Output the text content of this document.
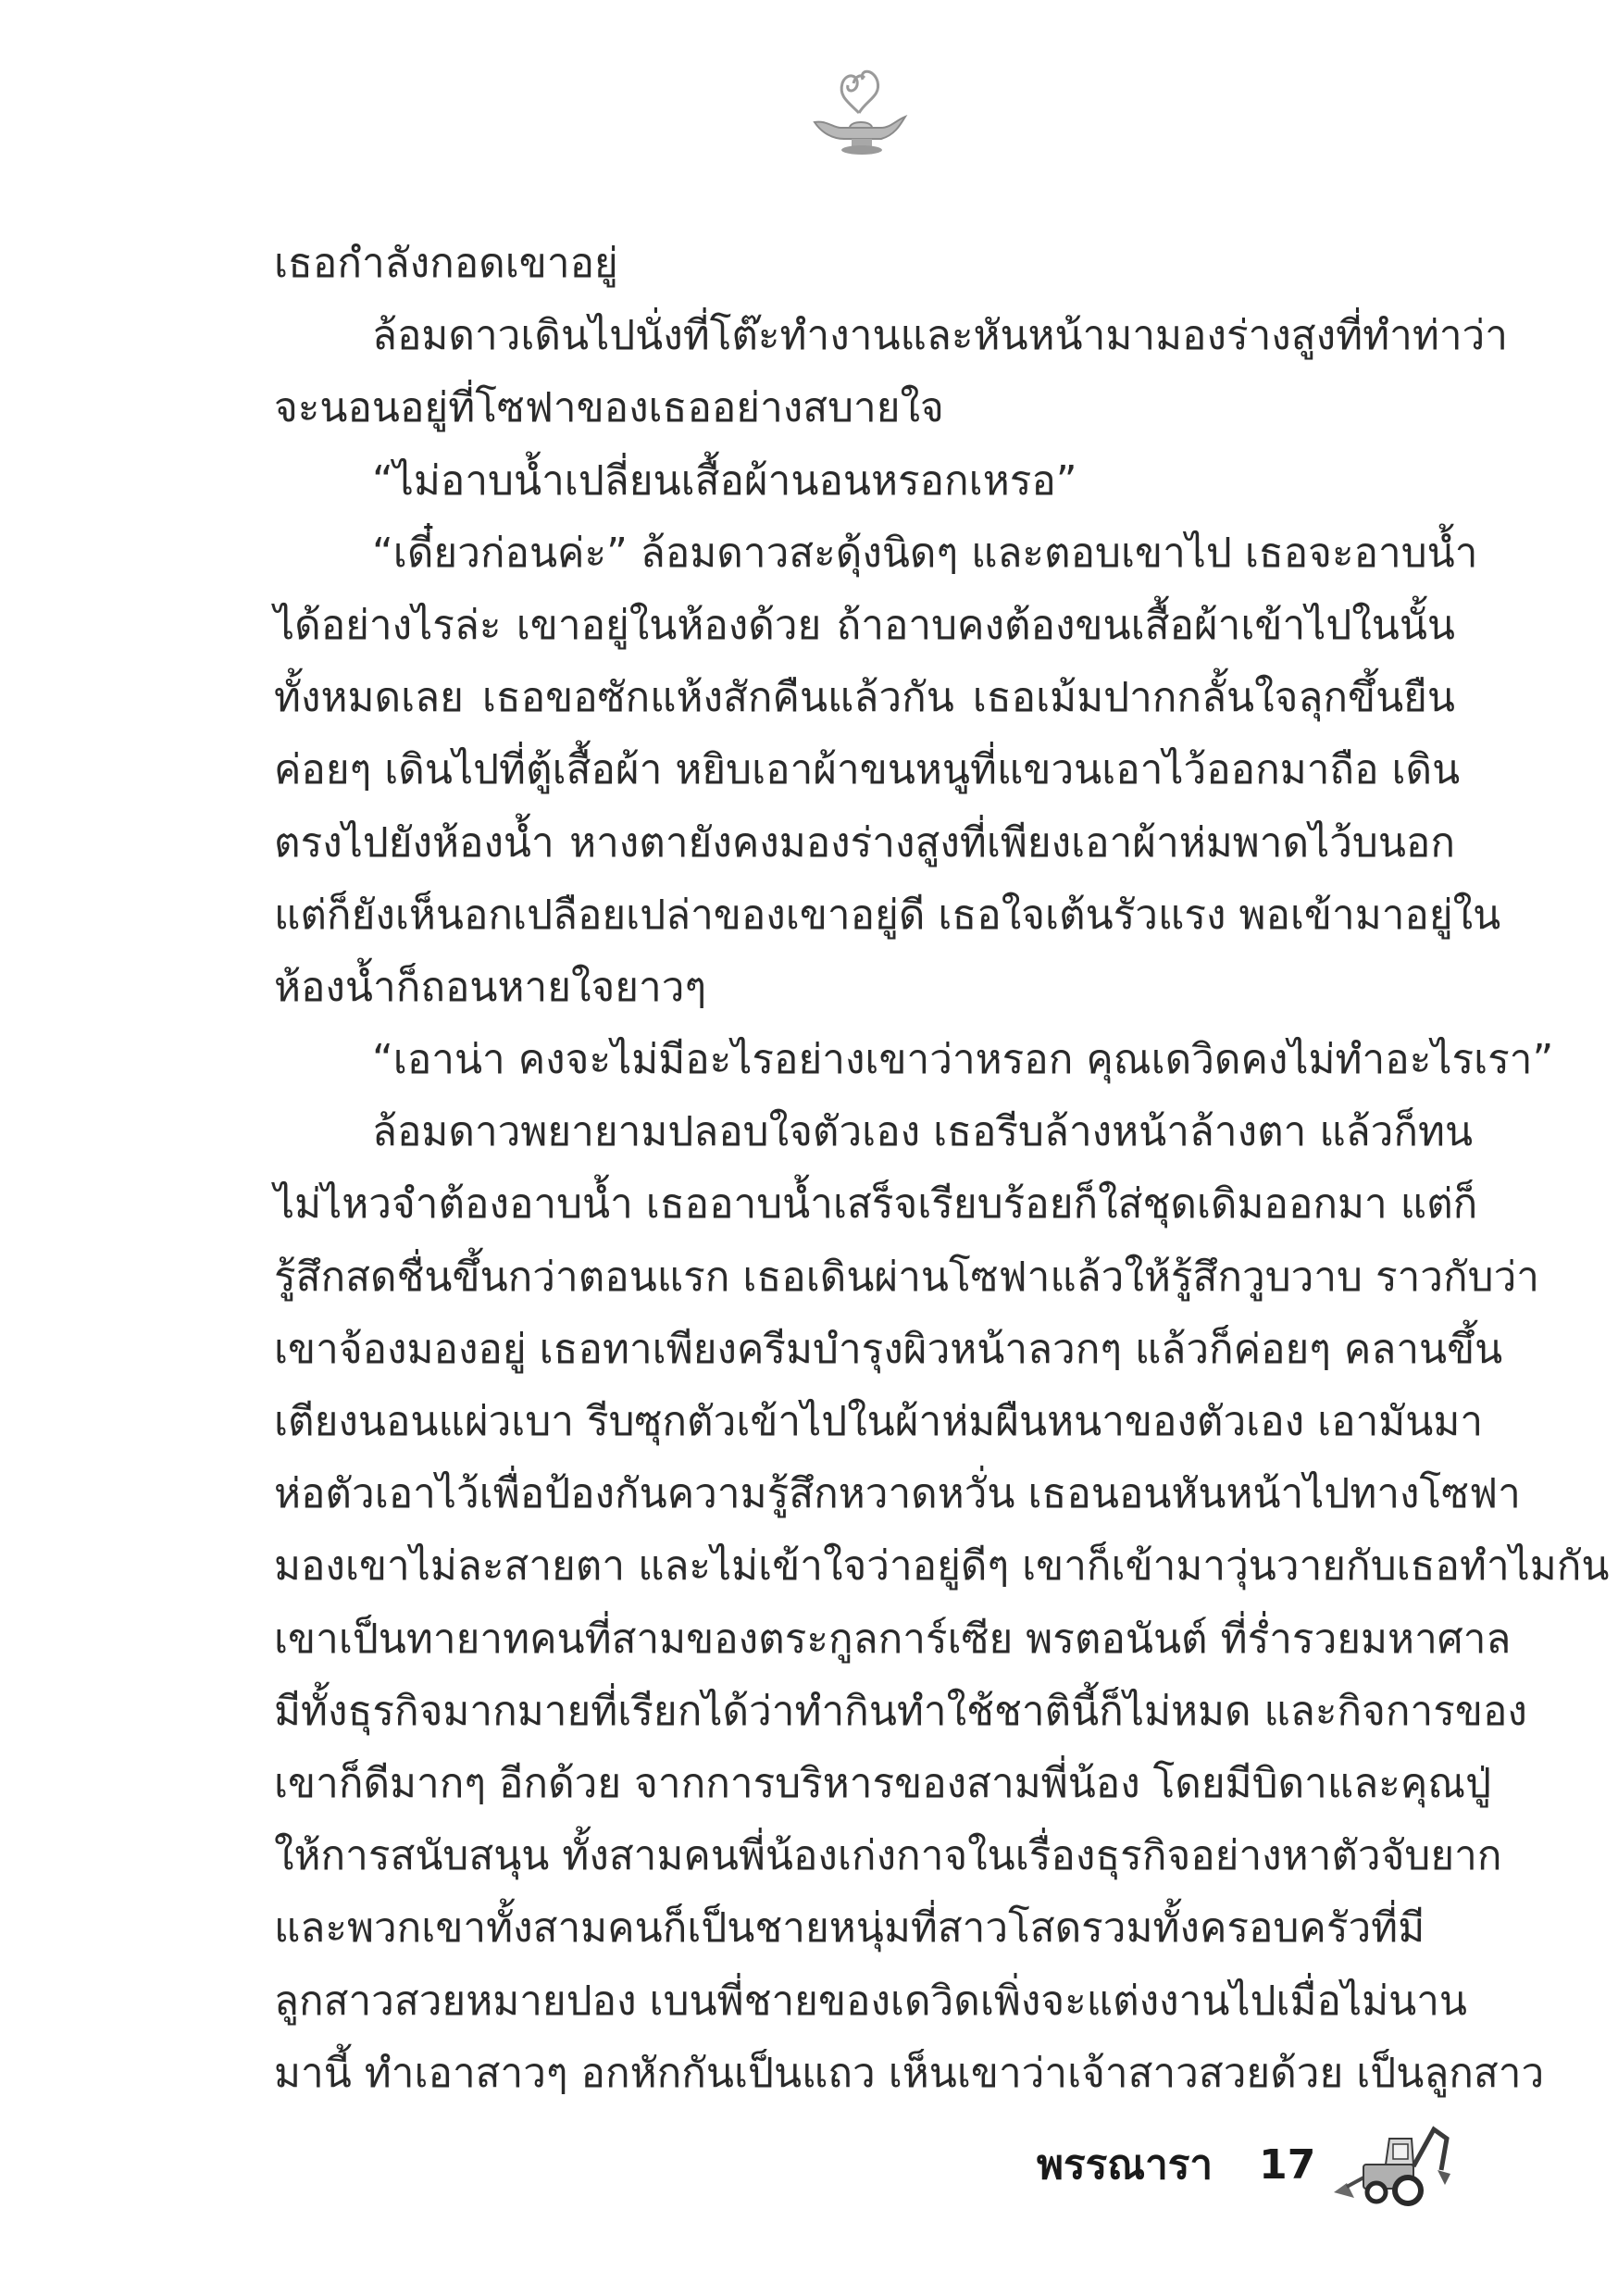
เธอกำลังกอดเขาอยู่
ล้อมดาวเดินไปนั่งที่โต๊ะทำงานและหันหน้ามามองร่างสูงที่ทำท่าว่า
จะนอนอยู่ที่โซฟาของเธออย่างสบายใจ
“ไม่อาบน้ำเปลี่ยนเสื้อผ้านอนหรอกเหรอ”
“เดี๋ยวก่อนค่ะ” ล้อมดาวสะดุ้งนิดๆ และตอบเขาไป เธอจะอาบน้ำ
ได้อย่างไรล่ะ เขาอยู่ในห้องด้วย ถ้าอาบคงต้องขนเสื้อผ้าเข้าไปในนั้น
ทั้งหมดเลย เธอขอซักแห้งสักคืนแล้วกัน เธอเม้มปากกลั้นใจลุกขึ้นยืน
ค่อยๆ เดินไปที่ตู้เสื้อผ้า หยิบเอาผ้าขนหนูที่แขวนเอาไว้ออกมาถือ เดิน
ตรงไปยังห้องน้ำ หางตายังคงมองร่างสูงที่เพียงเอาผ้าห่มพาดไว้บนอก
แต่ก็ยังเห็นอกเปลือยเปล่าของเขาอยู่ดี เธอใจเต้นรัวแรง พอเข้ามาอยู่ใน
ห้องน้ำก็ถอนหายใจยาวๆ
“เอาน่า คงจะไม่มีอะไรอย่างเขาว่าหรอก คุณเดวิดคงไม่ทำอะไรเรา”
ล้อมดาวพยายามปลอบใจตัวเอง เธอรีบล้างหน้าล้างตา แล้วก็ทน
ไม่ไหวจำต้องอาบน้ำ เธออาบน้ำเสร็จเรียบร้อยก็ใส่ชุดเดิมออกมา แต่ก็
รู้สึกสดชื่นขึ้นกว่าตอนแรก เธอเดินผ่านโซฟาแล้วให้รู้สึกวูบวาบ ราวกับว่า
เขาจ้องมองอยู่ เธอทาเพียงครีมบำรุงผิวหน้าลวกๆ แล้วก็ค่อยๆ คลานขึ้น
เตียงนอนแผ่วเบา รีบซุกตัวเข้าไปในผ้าห่มผืนหนาของตัวเอง เอามันมา
ห่อตัวเอาไว้เพื่อป้องกันความรู้สึกหวาดหวั่น เธอนอนหันหน้าไปทางโซฟา
มองเขาไม่ละสายตา และไม่เข้าใจว่าอยู่ดีๆ เขาก็เข้ามาวุ่นวายกับเธอทำไมกัน
เขาเป็นทายาทคนที่สามของตระกูลการ์เซีย พรตอนันต์ ที่ร่ำรวยมหาศาล
มีทั้งธุรกิจมากมายที่เรียกได้ว่าทำกินทำใช้ชาตินี้ก็ไม่หมด และกิจการของ
เขาก็ดีมากๆ อีกด้วย จากการบริหารของสามพี่น้อง โดยมีบิดาและคุณปู่
ให้การสนับสนุน ทั้งสามคนพี่น้องเก่งกาจในเรื่องธุรกิจอย่างหาตัวจับยาก
และพวกเขาทั้งสามคนก็เป็นชายหนุ่มที่สาวโสดรวมทั้งครอบครัวที่มี
ลูกสาวสวยหมายปอง เบนพี่ชายของเดวิดเพิ่งจะแต่งงานไปเมื่อไม่นาน
มานี้ ทำเอาสาวๆ อกหักกันเป็นแถว เห็นเขาว่าเจ้าสาวสวยด้วย เป็นลูกสาว
พรรณารา 17
